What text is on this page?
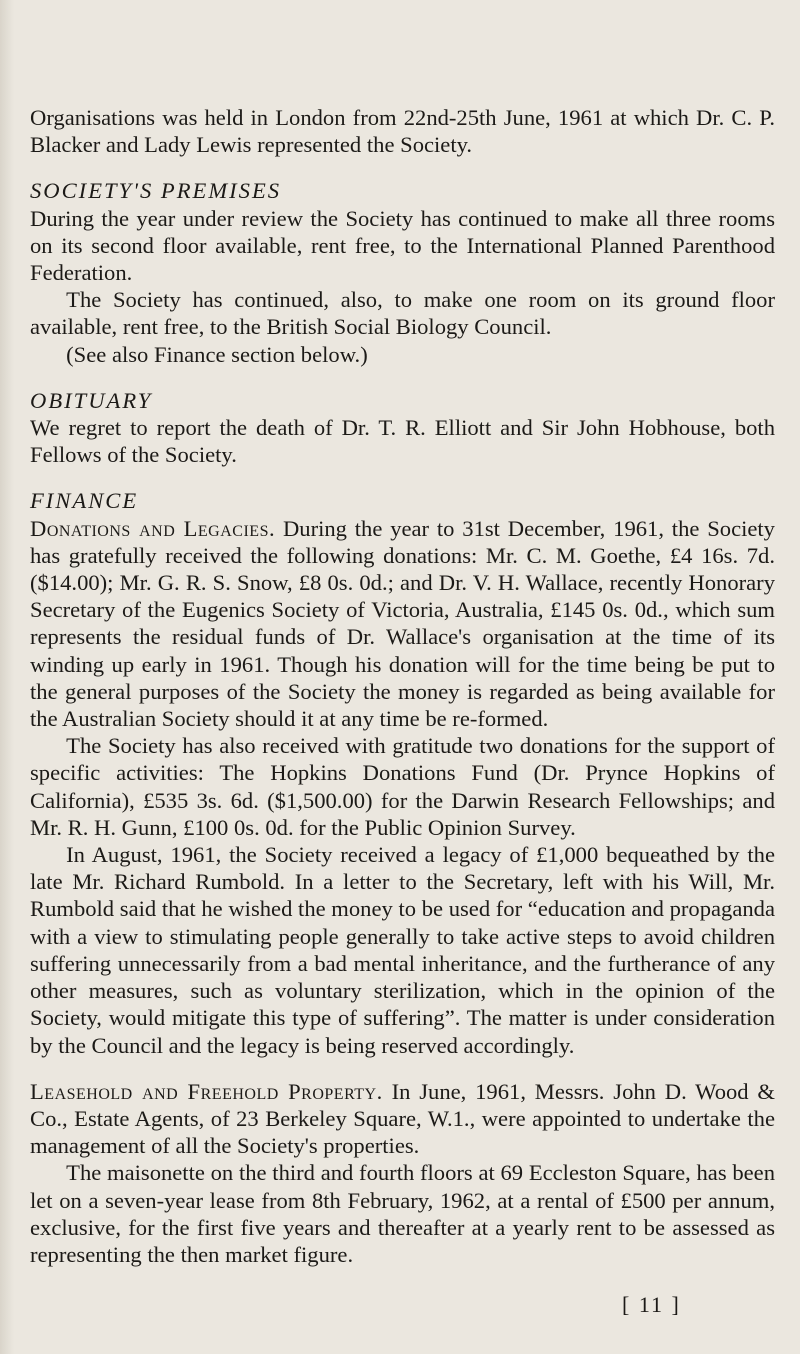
Organisations was held in London from 22nd-25th June, 1961 at which Dr. C. P. Blacker and Lady Lewis represented the Society.

SOCIETY'S PREMISES

During the year under review the Society has continued to make all three rooms on its second floor available, rent free, to the International Planned Parenthood Federation.

The Society has continued, also, to make one room on its ground floor available, rent free, to the British Social Biology Council.

(See also Finance section below.)

OBITUARY

We regret to report the death of Dr. T. R. Elliott and Sir John Hobhouse, both Fellows of the Society.

FINANCE

Donations and Legacies. During the year to 31st December, 1961, the Society has gratefully received the following donations: Mr. C. M. Goethe, £4 16s. 7d. ($14.00); Mr. G. R. S. Snow, £8 0s. 0d.; and Dr. V. H. Wallace, recently Honorary Secretary of the Eugenics Society of Victoria, Australia, £145 0s. 0d., which sum represents the residual funds of Dr. Wallace's organisation at the time of its winding up early in 1961. Though his donation will for the time being be put to the general purposes of the Society the money is regarded as being available for the Australian Society should it at any time be re-formed.

The Society has also received with gratitude two donations for the support of specific activities: The Hopkins Donations Fund (Dr. Prynce Hopkins of California), £535 3s. 6d. ($1,500.00) for the Darwin Research Fellowships; and Mr. R. H. Gunn, £100 0s. 0d. for the Public Opinion Survey.

In August, 1961, the Society received a legacy of £1,000 bequeathed by the late Mr. Richard Rumbold. In a letter to the Secretary, left with his Will, Mr. Rumbold said that he wished the money to be used for “education and propaganda with a view to stimulating people generally to take active steps to avoid children suffering unnecessarily from a bad mental inheritance, and the furtherance of any other measures, such as voluntary sterilization, which in the opinion of the Society, would mitigate this type of suffering”. The matter is under consideration by the Council and the legacy is being reserved accordingly.

Leasehold and Freehold Property. In June, 1961, Messrs. John D. Wood & Co., Estate Agents, of 23 Berkeley Square, W.1., were appointed to undertake the management of all the Society's properties.

The maisonette on the third and fourth floors at 69 Eccleston Square, has been let on a seven-year lease from 8th February, 1962, at a rental of £500 per annum, exclusive, for the first five years and thereafter at a yearly rent to be assessed as representing the then market figure.

[ 11 ]
